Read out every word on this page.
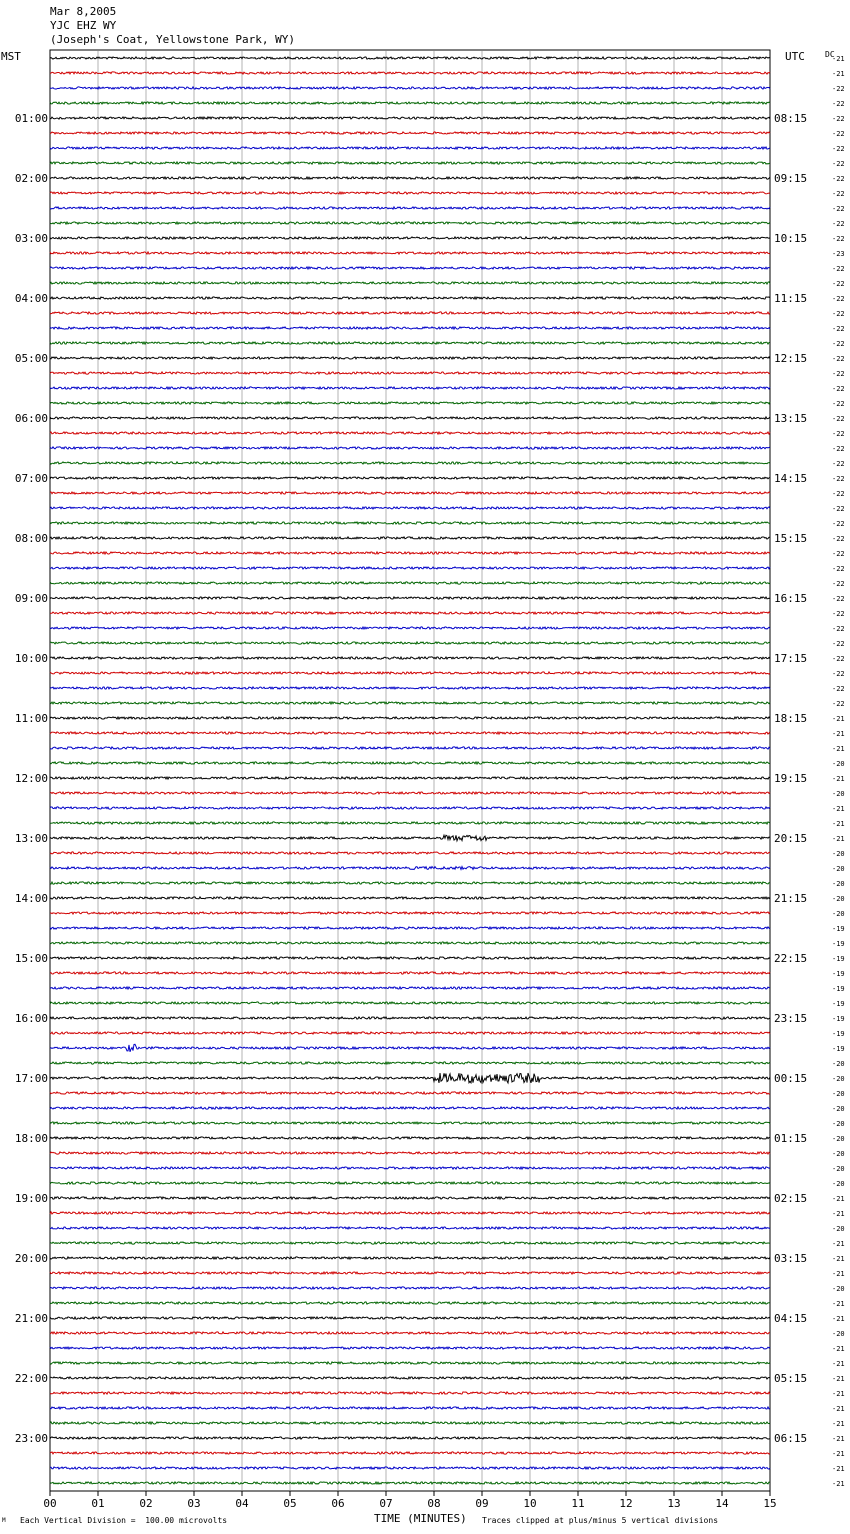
Mar 8,2005
YJC EHZ WY
(Joseph's Coat, Yellowstone Park, WY)
MST	UTC	DC
-21
-21
-22
-22
-22
-22
-22
-22
-22
-22
-22
-22
-22
-23
-22
-22
-22
-22
-22
-22
-22
-22
-22
-22
-22
-22
-22
-22
-22
-22
-22
-22
-22
-22
-22
-22
-22
-22
-22
-22
-22
-22
-22
-22
-21
-21
-21
-20
-21
-20
-21
-21
-21
-20
-20
-20
-20
-20
-19
-19
-19
-19
-19
-19
-19
-19
-19
-20
-20
-20
-20
-20
-20
-20
-20
-20
-21
-21
-20
-21
-21
-21
-20
-21
-21
-20
-21
-21
-21
-21
-21
-21
-21
-21
-21
-21
01:00	08:15
02:00	09:15
03:00	10:15
04:00	11:15
05:00	12:15
06:00	13:15
07:00	14:15
08:00	15:15
09:00	16:15
10:00	17:15
11:00	18:15
12:00	19:15
13:00	20:15
14:00	21:15
15:00	22:15
16:00	23:15
17:00	00:15
18:00	01:15
19:00	02:15
20:00	03:15
21:00	04:15
22:00	05:15
23:00	06:15
00	01	02	03	04	05	06	07	08	09	10	11	12	13	14	15
M Each Vertical Division =  100.00 microvolts	TIME (MINUTES) Traces clipped at plus/minus 5 vertical divisions
